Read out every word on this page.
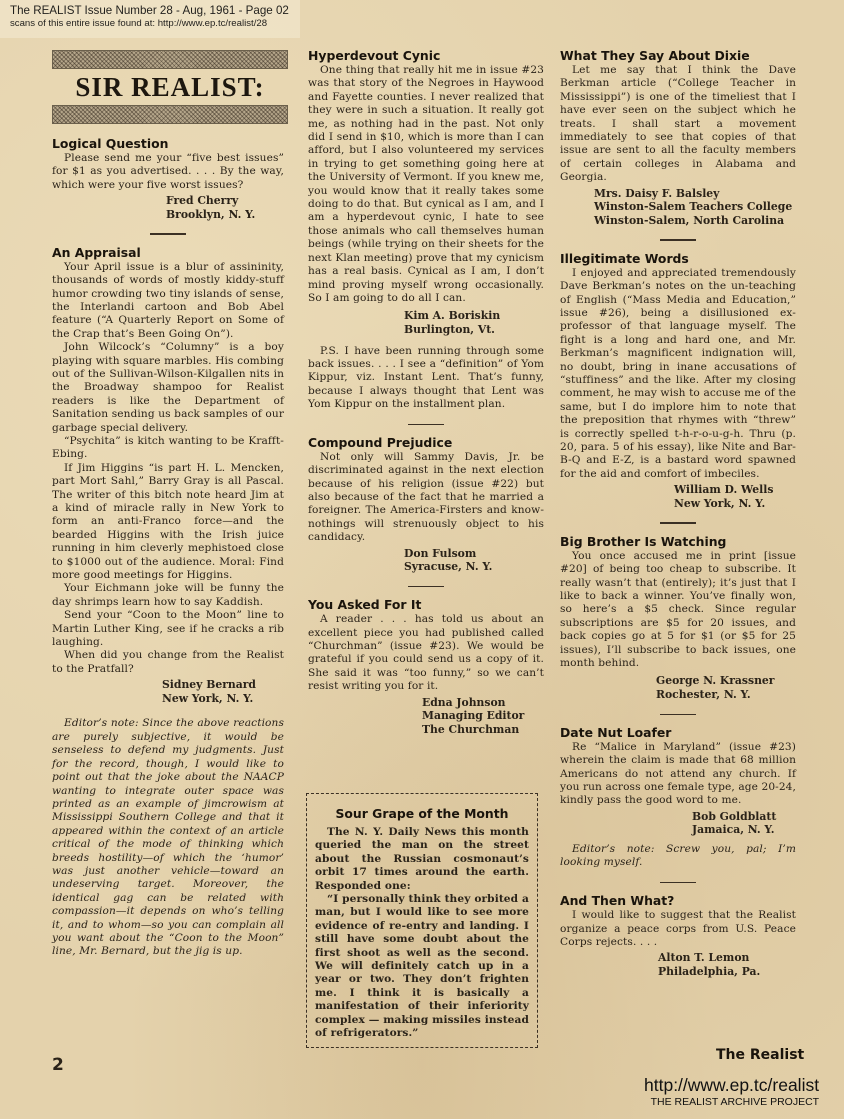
The REALIST Issue Number 28 - Aug, 1961 - Page 02
scans of this entire issue found at: http://www.ep.tc/realist/28
SIR REALIST:
Logical Question

Please send me your “five best issues” for $1 as you advertised. . . . By the way, which were your five worst issues?

Fred Cherry

Brooklyn, N. Y.

An Appraisal

Your April issue is a blur of assininity, thousands of words of mostly kiddy-stuff humor crowding two tiny islands of sense, the Interlandi cartoon and Bob Abel feature (“A Quarterly Report on Some of the Crap that’s Been Going On”).

John Wilcock’s “Columny” is a boy playing with square marbles. His combing out of the Sullivan-Wilson-Kilgallen nits in the Broadway shampoo for Realist readers is like the Department of Sanitation sending us back samples of our garbage special delivery.

“Psychita” is kitch wanting to be Krafft-Ebing.

If Jim Higgins “is part H. L. Mencken, part Mort Sahl,” Barry Gray is all Pascal. The writer of this bitch note heard Jim at a kind of miracle rally in New York to form an anti-Franco force—and the bearded Higgins with the Irish juice running in him cleverly mephistoed close to $1000 out of the audience. Moral: Find more good meetings for Higgins.

Your Eichmann joke will be funny the day shrimps learn how to say Kaddish.

Send your “Coon to the Moon” line to Martin Luther King, see if he cracks a rib laughing.

When did you change from the Realist to the Pratfall?

Sidney Bernard

New York, N. Y.

Editor’s note: Since the above reactions are purely subjective, it would be senseless to defend my judgments. Just for the record, though, I would like to point out that the joke about the NAACP wanting to integrate outer space was printed as an example of jimcrowism at Mississippi Southern College and that it appeared within the context of an article critical of the mode of thinking which breeds hostility—of which the ‘humor’ was just another vehicle—toward an undeserving target. Moreover, the identical gag can be related with compassion—it depends on who’s telling it, and to whom—so you can complain all you want about the “Coon to the Moon” line, Mr. Bernard, but the jig is up.

Hyperdevout Cynic

One thing that really hit me in issue #23 was that story of the Negroes in Haywood and Fayette counties. I never realized that they were in such a situation. It really got me, as nothing had in the past. Not only did I send in $10, which is more than I can afford, but I also volunteered my services in trying to get something going here at the University of Vermont. If you knew me, you would know that it really takes some doing to do that. But cynical as I am, and I am a hyperdevout cynic, I hate to see those animals who call themselves human beings (while trying on their sheets for the next Klan meeting) prove that my cynicism has a real basis. Cynical as I am, I don’t mind proving myself wrong occasionally. So I am going to do all I can.

Kim A. Boriskin

Burlington, Vt.

P.S. I have been running through some back issues. . . . I see a “definition” of Yom Kippur, viz. Instant Lent. That’s funny, because I always thought that Lent was Yom Kippur on the installment plan.

Compound Prejudice

Not only will Sammy Davis, Jr. be discriminated against in the next election because of his religion (issue #22) but also because of the fact that he married a foreigner. The America-Firsters and know-nothings will strenuously object to his candidacy.

Don Fulsom

Syracuse, N. Y.

You Asked For It

A reader . . . has told us about an excellent piece you had published called “Churchman” (issue #23). We would be grateful if you could send us a copy of it. She said it was “too funny,” so we can’t resist writing you for it.

Edna Johnson

Managing Editor

The Churchman

Sour Grape of the Month

The N. Y. Daily News this month queried the man on the street about the Russian cosmonaut’s orbit 17 times around the earth. Responded one:

“I personally think they orbited a man, but I would like to see more evidence of re-entry and landing. I still have some doubt about the first shoot as well as the second. We will definitely catch up in a year or two. They don’t frighten me. I think it is basically a manifestation of their inferiority complex — making missiles instead of refrigerators.”

What They Say About Dixie

Let me say that I think the Dave Berkman article (“College Teacher in Mississippi”) is one of the timeliest that I have ever seen on the subject which he treats. I shall start a movement immediately to see that copies of that issue are sent to all the faculty members of certain colleges in Alabama and Georgia.

Mrs. Daisy F. Balsley

Winston-Salem Teachers College

Winston-Salem, North Carolina

Illegitimate Words

I enjoyed and appreciated tremendously Dave Berkman’s notes on the un-teaching of English (“Mass Media and Education,” issue #26), being a disillusioned ex-professor of that language myself. The fight is a long and hard one, and Mr. Berkman’s magnificent indignation will, no doubt, bring in inane accusations of “stuffiness” and the like. After my closing comment, he may wish to accuse me of the same, but I do implore him to note that the preposition that rhymes with “threw” is correctly spelled t-h-r-o-u-g-h. Thru (p. 20, para. 5 of his essay), like Nite and Bar-B-Q and E-Z, is a bastard word spawned for the aid and comfort of imbeciles.

William D. Wells

New York, N. Y.

Big Brother Is Watching

You once accused me in print [issue #20] of being too cheap to subscribe. It really wasn’t that (entirely); it’s just that I like to back a winner. You’ve finally won, so here’s a $5 check. Since regular subscriptions are $5 for 20 issues, and back copies go at 5 for $1 (or $5 for 25 issues), I’ll subscribe to back issues, one month behind.

George N. Krassner

Rochester, N. Y.

Date Nut Loafer

Re “Malice in Maryland” (issue #23) wherein the claim is made that 68 million Americans do not attend any church. If you run across one female type, age 20-24, kindly pass the good word to me.

Bob Goldblatt

Jamaica, N. Y.

Editor’s note: Screw you, pal; I’m looking myself.

And Then What?

I would like to suggest that the Realist organize a peace corps from U.S. Peace Corps rejects. . . .

Alton T. Lemon

Philadelphia, Pa.

2	The Realist
http://www.ep.tc/realist
THE REALIST ARCHIVE PROJECT
